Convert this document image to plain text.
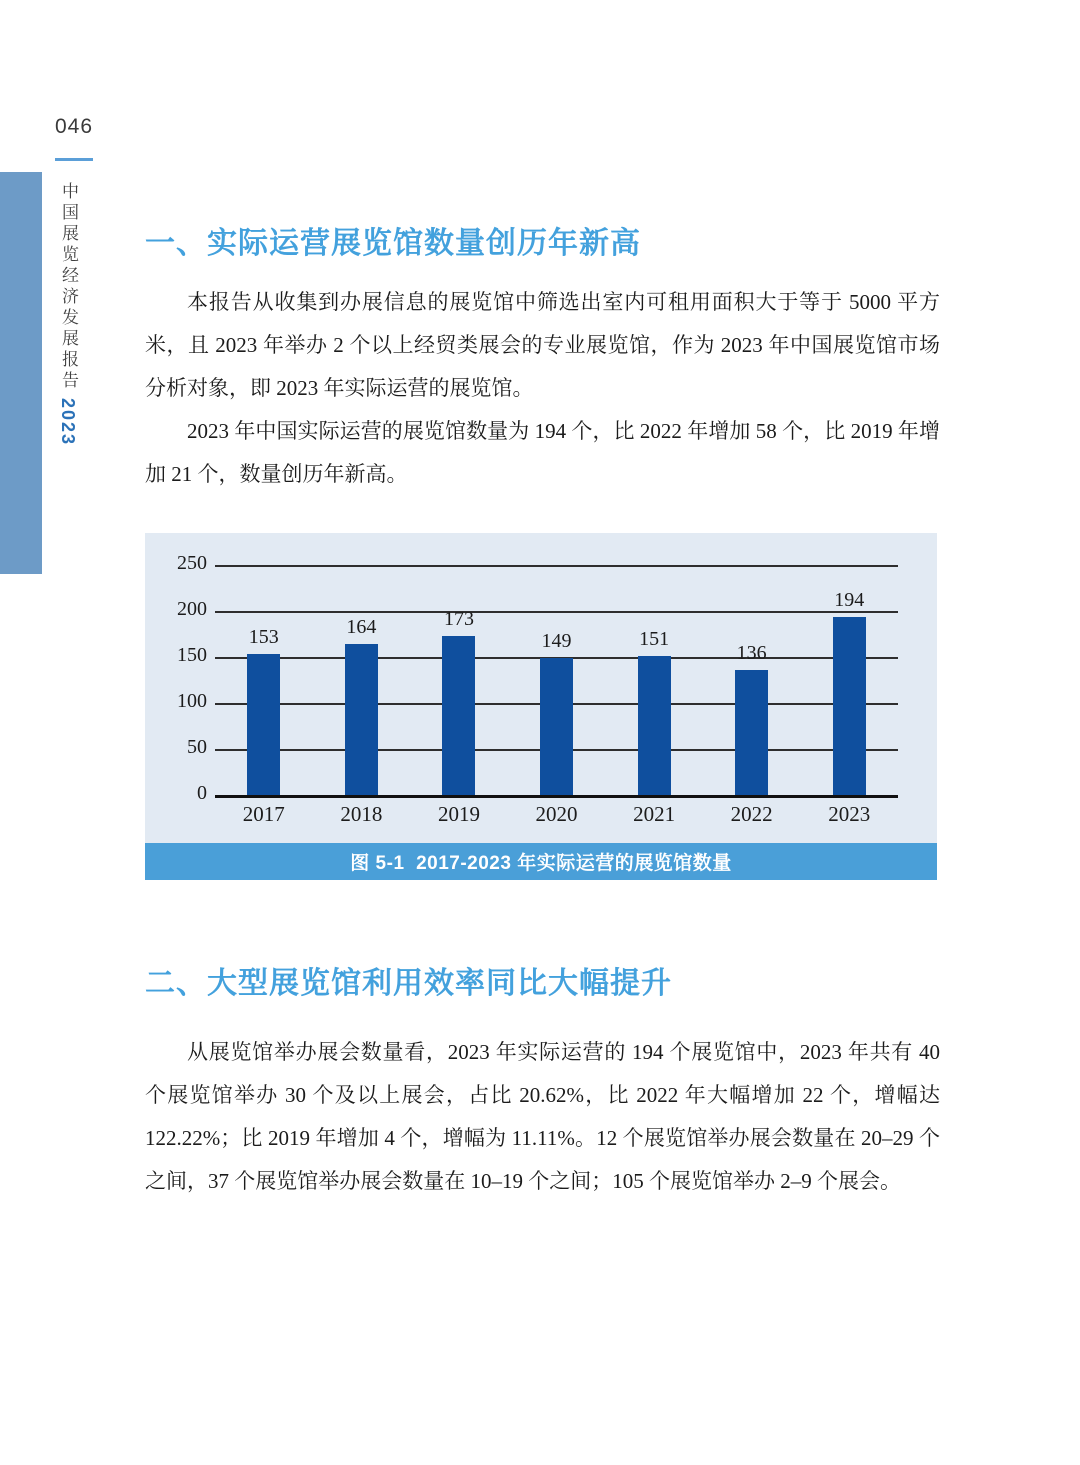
046
中国展览经济发展报告2023
一、实际运营展览馆数量创历年新高

本报告从收集到办展信息的展览馆中筛选出室内可租用面积大于等于 5000 平方米，且 2023 年举办 2 个以上经贸类展会的专业展览馆，作为 2023 年中国展览馆市场分析对象，即 2023 年实际运营的展览馆。

2023 年中国实际运营的展览馆数量为 194 个，比 2022 年增加 58 个，比 2019 年增加 21 个，数量创历年新高。

0
50
100
150
200
250
153	164	173
149	151
136
194
2017	2018	2019	2020	2021	2022	2023
图 5-1  2017-2023 年实际运营的展览馆数量
二、大型展览馆利用效率同比大幅提升

从展览馆举办展会数量看，2023 年实际运营的 194 个展览馆中，2023 年共有 40 个展览馆举办 30 个及以上展会，占比 20.62%，比 2022 年大幅增加 22 个，增幅达 122.22%；比 2019 年增加 4 个，增幅为 11.11%。12 个展览馆举办展会数量在 20–29 个之间，37 个展览馆举办展会数量在 10–19 个之间；105 个展览馆举办 2–9 个展会。
